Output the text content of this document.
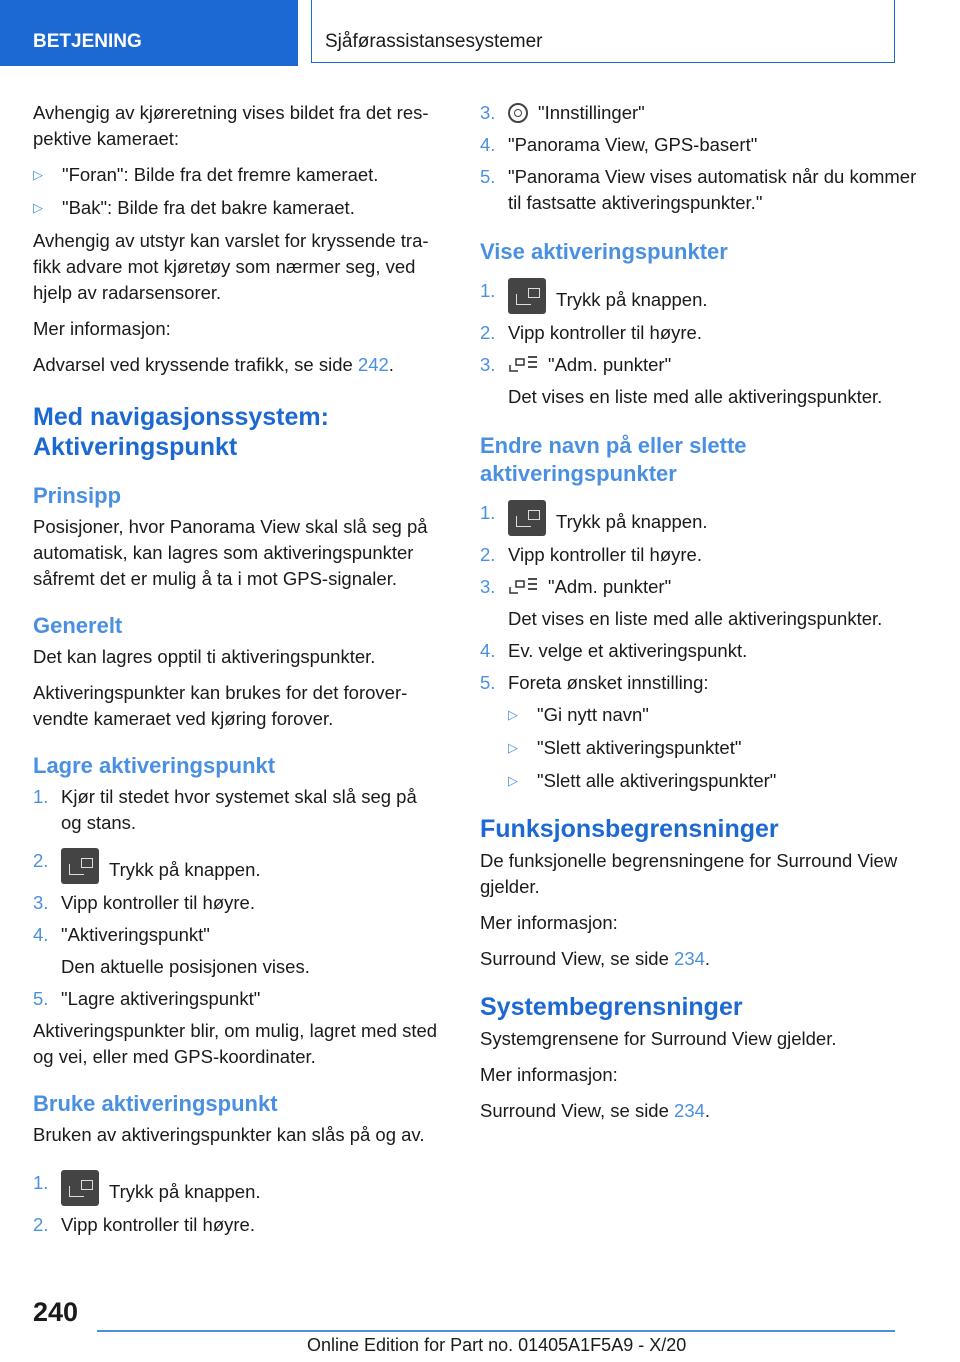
BETJENING	Sjåførassistansesystemer

Avhengig av kjøreretning vises bildet fra det res-pektive kameraet:

▷	"Foran": Bilde fra det fremre kameraet.
▷	"Bak": Bilde fra det bakre kameraet.

Avhengig av utstyr kan varslet for kryssende tra-fikk advare mot kjøretøy som nærmer seg, ved hjelp av radarsensorer.

Mer informasjon:

Advarsel ved kryssende trafikk, se side 242.

Med navigasjonssystem: Aktiveringspunkt
Prinsipp

Posisjoner, hvor Panorama View skal slå seg på automatisk, kan lagres som aktiveringspunkter såfremt det er mulig å ta i mot GPS-signaler.

Generelt

Det kan lagres opptil ti aktiveringspunkter.

Aktiveringspunkter kan brukes for det forover-vendte kameraet ved kjøring forover.

Lagre aktiveringspunkt
1. Kjør til stedet hvor systemet skal slå seg på og stans.
2.	Trykk på knappen.
3. Vipp kontroller til høyre.
4. "Aktiveringspunkt"
Den aktuelle posisjonen vises.
5. "Lagre aktiveringspunkt"

Aktiveringspunkter blir, om mulig, lagret med sted og vei, eller med GPS-koordinater.

Bruke aktiveringspunkt

Bruken av aktiveringspunkter kan slås på og av.

1.	Trykk på knappen.
2. Vipp kontroller til høyre.
3.	"Innstillinger"
4. "Panorama View, GPS-basert"
5. "Panorama View vises automatisk når du kommer til fastsatte aktiveringspunkter."
Vise aktiveringspunkter
1.	Trykk på knappen.
2. Vipp kontroller til høyre.
3.	"Adm. punkter"
Det vises en liste med alle aktiveringspunkter.
Endre navn på eller slette aktiveringspunkter
1.	Trykk på knappen.
2. Vipp kontroller til høyre.
3.	"Adm. punkter"
Det vises en liste med alle aktiveringspunkter.
4. Ev. velge et aktiveringspunkt.
5. Foreta ønsket innstilling:
▷	"Gi nytt navn"
▷	"Slett aktiveringspunktet"
▷	"Slett alle aktiveringspunkter"
Funksjonsbegrensninger

De funksjonelle begrensningene for Surround View gjelder.

Mer informasjon:

Surround View, se side 234.

Systembegrensninger

Systemgrensene for Surround View gjelder.

Mer informasjon:

Surround View, se side 234.

240
Online Edition for Part no. 01405A1F5A9 - X/20
